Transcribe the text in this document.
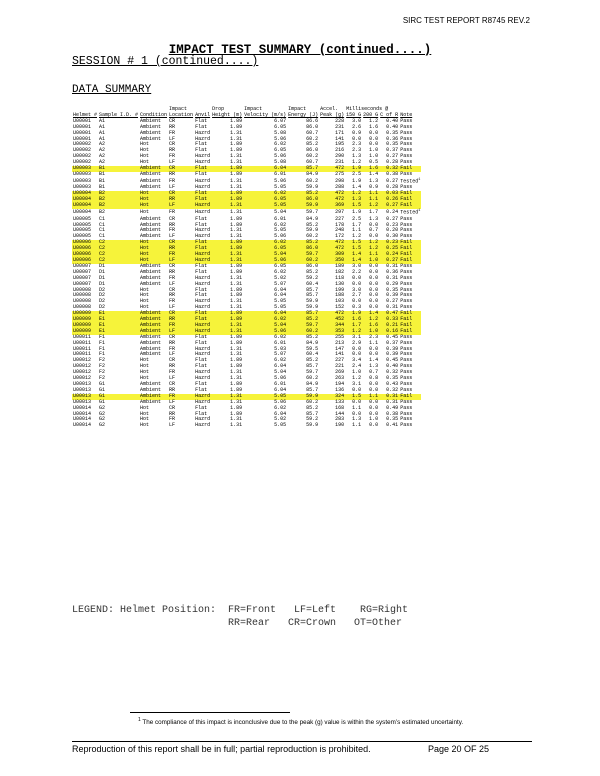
SIRC TEST REPORT R8745 REV.2
IMPACT TEST SUMMARY (continued....)
SESSION # 1 (continued....)
DATA SUMMARY
			Impact		Drop	Impact	Impact	Accel.	Milliseconds @			
Helmet #	Sample I.D. #	Condition	Location	Anvil	Height (m)	Velocity (m/s)	Energy (J)	Peak (g)	150 G	200 G	C of R	Note
U00001	A1	Ambient	CR	Flat	1.89	6.07	86.6	228	3.0	1.2	0.40	Pass
U00001	A1	Ambient	RR	Flat	1.89	6.05	86.0	231	2.6	1.6	0.40	Pass
U00001	A1	Ambient	FR	Hazrd	1.31	5.08	60.7	171	0.9	0.0	0.35	Pass
U00001	A1	Ambient	LF	Hazrd	1.31	5.06	60.2	141	0.0	0.0	0.36	Pass
U00002	A2	Hot	CR	Flat	1.89	6.02	85.2	195	2.3	0.0	0.35	Pass
U00002	A2	Hot	RR	Flat	1.89	6.05	86.0	216	2.3	1.0	0.37	Pass
U00002	A2	Hot	FR	Hazrd	1.31	5.06	60.2	290	1.3	1.0	0.27	Pass
U00002	A2	Hot	LF	Hazrd	1.31	5.08	60.7	231	1.2	0.5	0.28	Pass
U00003	B1	Ambient	CR	Flat	1.89	6.04	85.7	472	1.9	1.6	0.32	Fail
U00003	B1	Ambient	RR	Flat	1.89	6.01	84.9	275	2.5	1.4	0.38	Pass
U00003	B1	Ambient	FR	Hazrd	1.31	5.06	60.2	298	1.9	1.3	0.27	Tested$^1$
U00003	B1	Ambient	LF	Hazrd	1.31	5.05	59.9	288	1.4	0.9	0.28	Pass
U00004	B2	Hot	CR	Flat	1.89	6.02	85.2	472	1.2	1.1	0.03	Fail
U00004	B2	Hot	RR	Flat	1.89	6.05	86.0	472	1.3	1.1	0.26	Fail
U00004	B2	Hot	LF	Hazrd	1.31	5.05	59.9	369	1.5	1.2	0.27	Fail
U00004	B2	Hot	FR	Hazrd	1.31	5.04	59.7	297	1.9	1.7	0.24	Tested$^1$
U00005	C1	Ambient	CR	Flat	1.89	6.01	84.9	227	2.5	1.3	0.27	Pass
U00005	C1	Ambient	RR	Flat	1.89	6.02	85.2	178	1.7	0.0	0.23	Pass
U00005	C1	Ambient	FR	Hazrd	1.31	5.05	59.9	248	1.1	0.7	0.20	Pass
U00005	C1	Ambient	LF	Hazrd	1.31	5.06	60.2	172	1.2	0.0	0.30	Pass
U00006	C2	Hot	CR	Flat	1.89	6.02	85.2	472	1.5	1.2	0.23	Fail
U00006	C2	Hot	RR	Flat	1.89	6.05	86.0	472	1.5	1.2	0.25	Fail
U00006	C2	Hot	FR	Hazrd	1.31	5.04	59.7	309	1.4	1.1	0.24	Fail
U00006	C2	Hot	LF	Hazrd	1.31	5.06	60.2	350	1.4	1.0	0.27	Fail
U00007	D1	Ambient	CR	Flat	1.89	6.05	86.0	189	3.0	0.0	0.31	Pass
U00007	D1	Ambient	RR	Flat	1.89	6.02	85.2	182	2.2	0.0	0.36	Pass
U00007	D1	Ambient	FR	Hazrd	1.31	5.02	59.2	118	0.0	0.0	0.31	Pass
U00007	D1	Ambient	LF	Hazrd	1.31	5.07	60.4	130	0.0	0.0	0.29	Pass
U00008	D2	Hot	CR	Flat	1.89	6.04	85.7	199	3.0	0.0	0.35	Pass
U00008	D2	Hot	RR	Flat	1.89	6.04	85.7	188	2.7	0.0	0.39	Pass
U00008	D2	Hot	FR	Hazrd	1.31	5.05	59.9	103	0.0	0.0	0.27	Pass
U00008	D2	Hot	LF	Hazrd	1.31	5.05	59.9	152	0.3	0.0	0.31	Pass
U00009	E1	Ambient	CR	Flat	1.89	6.04	85.7	472	1.9	1.4	0.47	Fail
U00009	E1	Ambient	RR	Flat	1.89	6.02	85.2	452	1.6	1.2	0.33	Fail
U00009	E1	Ambient	FR	Hazrd	1.31	5.04	59.7	344	1.7	1.6	0.21	Fail
U00009	E1	Ambient	LF	Hazrd	1.31	5.06	60.2	353	1.2	1.0	0.16	Fail
U00011	F1	Ambient	CR	Flat	1.89	6.02	85.2	255	3.1	2.3	0.45	Pass
U00011	F1	Ambient	RR	Flat	1.89	6.01	84.9	213	2.9	1.1	0.37	Pass
U00011	F1	Ambient	FR	Hazrd	1.31	5.03	59.5	147	0.0	0.0	0.39	Pass
U00011	F1	Ambient	LF	Hazrd	1.31	5.07	60.4	141	0.0	0.0	0.39	Pass
U00012	F2	Hot	CR	Flat	1.89	6.02	85.2	227	3.4	1.4	0.45	Pass
U00012	F2	Hot	RR	Flat	1.89	6.04	85.7	221	2.4	1.3	0.40	Pass
U00012	F2	Hot	FR	Hazrd	1.31	5.04	59.7	269	1.0	0.7	0.32	Pass
U00012	F2	Hot	LF	Hazrd	1.31	5.06	60.2	263	1.2	0.8	0.35	Pass
U00013	G1	Ambient	CR	Flat	1.89	6.01	84.9	194	3.1	0.0	0.43	Pass
U00013	G1	Ambient	RR	Flat	1.89	6.04	85.7	136	0.0	0.0	0.32	Pass
U00013	G1	Ambient	FR	Hazrd	1.31	5.05	59.9	324	1.5	1.1	0.31	Fail
U00013	G1	Ambient	LF	Hazrd	1.31	5.06	60.2	133	0.0	0.0	0.31	Pass
U00014	G2	Hot	CR	Flat	1.89	6.02	85.2	168	1.1	0.0	0.49	Pass
U00014	G2	Hot	RR	Flat	1.89	6.04	85.7	144	0.0	0.0	0.38	Pass
U00014	G2	Hot	FR	Hazrd	1.31	5.02	59.2	283	1.3	1.0	0.35	Pass
U00014	G2	Hot	LF	Hazrd	1.31	5.05	59.9	190	1.1	0.0	0.41	Pass
LEGEND: Helmet Position:  FR=Front   LF=Left    RG=Right
RR=Rear   CR=Crown   OT=Other
$^1$ The compliance of this impact is inconclusive due to the peak (g) value is within the system’s estimated uncertainty.
Reproduction of this report shall be in full; partial reproduction is prohibited.	Page 20 OF 25
